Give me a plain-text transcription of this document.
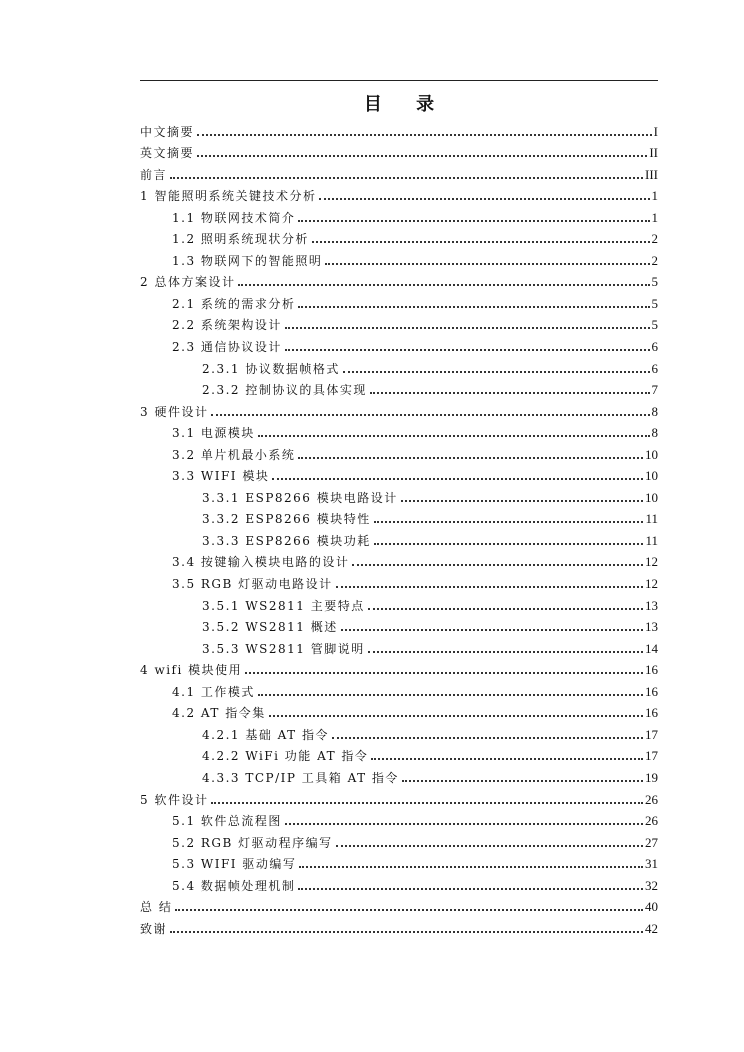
目 录
中文摘要	I
英文摘要	II
前言	III
1 智能照明系统关键技术分析	1
1.1 物联网技术简介	1
1.2 照明系统现状分析	2
1.3 物联网下的智能照明	2
2 总体方案设计	5
2.1 系统的需求分析	5
2.2 系统架构设计	5
2.3 通信协议设计	6
2.3.1 协议数据帧格式	6
2.3.2 控制协议的具体实现	7
3 硬件设计	8
3.1 电源模块	8
3.2 单片机最小系统	10
3.3 WIFI 模块	10
3.3.1 ESP8266 模块电路设计	10
3.3.2 ESP8266 模块特性	11
3.3.3 ESP8266 模块功耗	11
3.4 按键输入模块电路的设计	12
3.5 RGB 灯驱动电路设计	12
3.5.1 WS2811 主要特点	13
3.5.2 WS2811 概述	13
3.5.3 WS2811 管脚说明	14
4 wifi 模块使用	16
4.1 工作模式	16
4.2 AT 指令集	16
4.2.1 基础 AT 指令	17
4.2.2 WiFi 功能 AT 指令	17
4.3.3 TCP/IP 工具箱 AT 指令	19
5 软件设计	26
5.1 软件总流程图	26
5.2 RGB 灯驱动程序编写	27
5.3 WIFI 驱动编写	31
5.4 数据帧处理机制	32
总 结	40
致谢	42
